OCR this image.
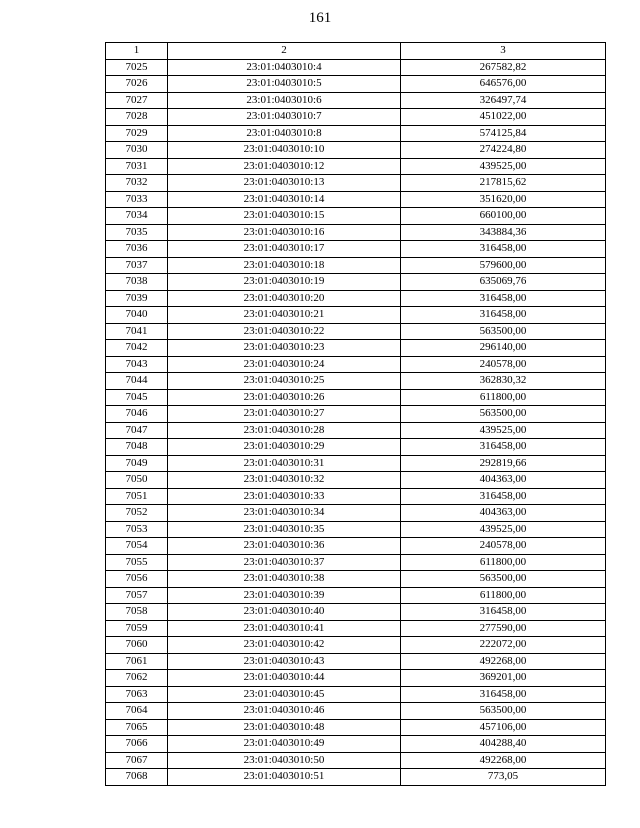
161
1	2	3
7025	23:01:0403010:4	267582,82
7026	23:01:0403010:5	646576,00
7027	23:01:0403010:6	326497,74
7028	23:01:0403010:7	451022,00
7029	23:01:0403010:8	574125,84
7030	23:01:0403010:10	274224,80
7031	23:01:0403010:12	439525,00
7032	23:01:0403010:13	217815,62
7033	23:01:0403010:14	351620,00
7034	23:01:0403010:15	660100,00
7035	23:01:0403010:16	343884,36
7036	23:01:0403010:17	316458,00
7037	23:01:0403010:18	579600,00
7038	23:01:0403010:19	635069,76
7039	23:01:0403010:20	316458,00
7040	23:01:0403010:21	316458,00
7041	23:01:0403010:22	563500,00
7042	23:01:0403010:23	296140,00
7043	23:01:0403010:24	240578,00
7044	23:01:0403010:25	362830,32
7045	23:01:0403010:26	611800,00
7046	23:01:0403010:27	563500,00
7047	23:01:0403010:28	439525,00
7048	23:01:0403010:29	316458,00
7049	23:01:0403010:31	292819,66
7050	23:01:0403010:32	404363,00
7051	23:01:0403010:33	316458,00
7052	23:01:0403010:34	404363,00
7053	23:01:0403010:35	439525,00
7054	23:01:0403010:36	240578,00
7055	23:01:0403010:37	611800,00
7056	23:01:0403010:38	563500,00
7057	23:01:0403010:39	611800,00
7058	23:01:0403010:40	316458,00
7059	23:01:0403010:41	277590,00
7060	23:01:0403010:42	222072,00
7061	23:01:0403010:43	492268,00
7062	23:01:0403010:44	369201,00
7063	23:01:0403010:45	316458,00
7064	23:01:0403010:46	563500,00
7065	23:01:0403010:48	457106,00
7066	23:01:0403010:49	404288,40
7067	23:01:0403010:50	492268,00
7068	23:01:0403010:51	773,05
